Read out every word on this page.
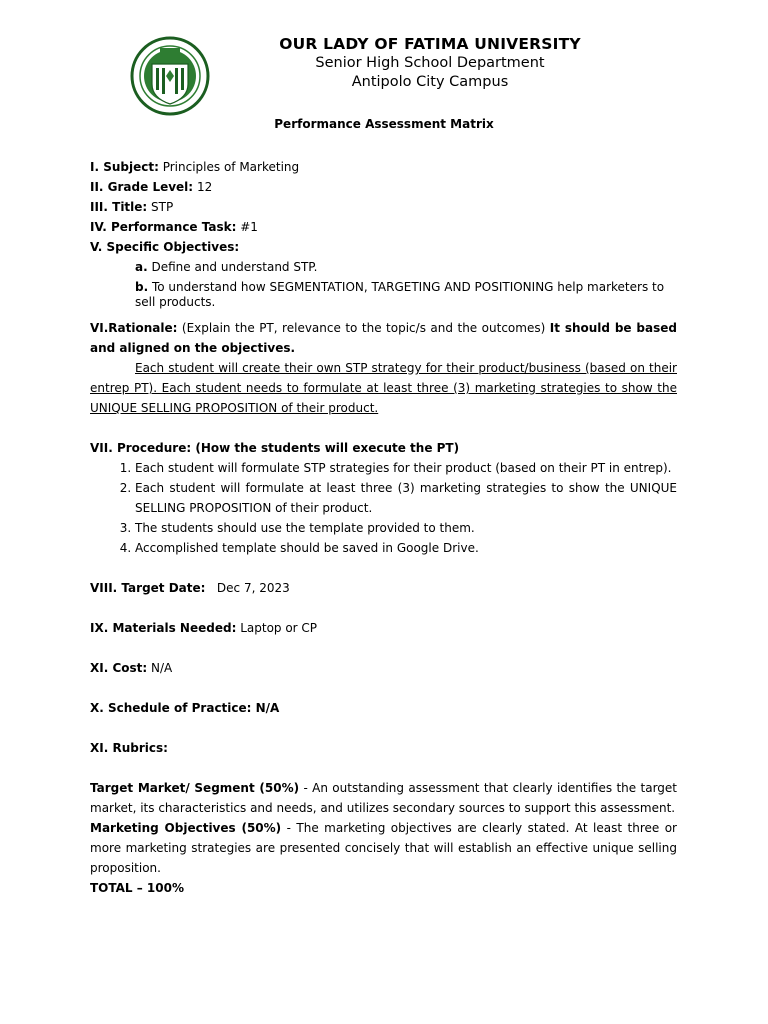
OUR LADY OF FATIMA UNIVERSITY
Senior High School Department
Antipolo City Campus
Performance Assessment Matrix

I. Subject: Principles of Marketing

II. Grade Level: 12

III. Title: STP

IV. Performance Task: #1

V. Specific Objectives:

a. Define and understand STP.

b. To understand how SEGMENTATION, TARGETING AND POSITIONING help marketers to sell products.

VI.Rationale: (Explain the PT, relevance to the topic/s and the outcomes) It should be based and aligned on the objectives.

Each student will create their own STP strategy for their product/business (based on their entrep PT). Each student needs to formulate at least three (3) marketing strategies to show the UNIQUE SELLING PROPOSITION of their product.

VII. Procedure: (How the students will execute the PT)

1. Each student will formulate STP strategies for their product (based on their PT in entrep).
2. Each student will formulate at least three (3) marketing strategies to show the UNIQUE SELLING PROPOSITION of their product.
3. The students should use the template provided to them.
4. Accomplished template should be saved in Google Drive.

VIII. Target Date: Dec 7, 2023

IX. Materials Needed: Laptop or CP

XI. Cost: N/A

X. Schedule of Practice: N/A

XI. Rubrics:

Target Market/ Segment (50%) - An outstanding assessment that clearly identifies the target market, its characteristics and needs, and utilizes secondary sources to support this assessment.

Marketing Objectives (50%) - The marketing objectives are clearly stated. At least three or more marketing strategies are presented concisely that will establish an effective unique selling proposition.

TOTAL – 100%
